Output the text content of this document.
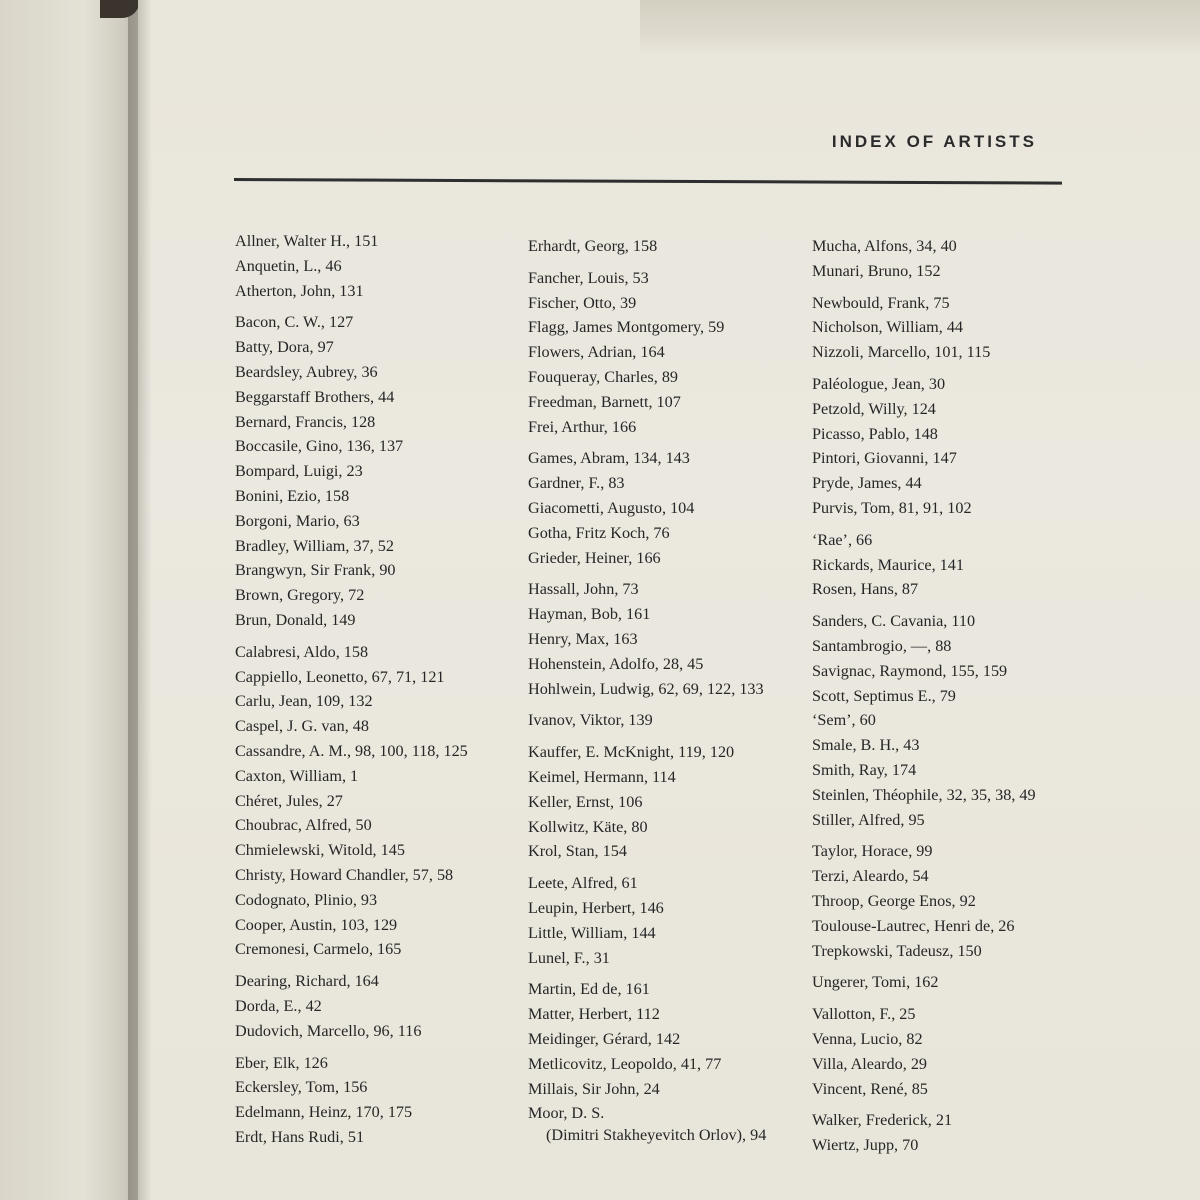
INDEX OF ARTISTS
Allner, Walter H., 151
Anquetin, L., 46
Atherton, John, 131
Bacon, C. W., 127
Batty, Dora, 97
Beardsley, Aubrey, 36
Beggarstaff Brothers, 44
Bernard, Francis, 128
Boccasile, Gino, 136, 137
Bompard, Luigi, 23
Bonini, Ezio, 158
Borgoni, Mario, 63
Bradley, William, 37, 52
Brangwyn, Sir Frank, 90
Brown, Gregory, 72
Brun, Donald, 149
Calabresi, Aldo, 158
Cappiello, Leonetto, 67, 71, 121
Carlu, Jean, 109, 132
Caspel, J. G. van, 48
Cassandre, A. M., 98, 100, 118, 125
Caxton, William, 1
Chéret, Jules, 27
Choubrac, Alfred, 50
Chmielewski, Witold, 145
Christy, Howard Chandler, 57, 58
Codognato, Plinio, 93
Cooper, Austin, 103, 129
Cremonesi, Carmelo, 165
Dearing, Richard, 164
Dorda, E., 42
Dudovich, Marcello, 96, 116
Eber, Elk, 126
Eckersley, Tom, 156
Edelmann, Heinz, 170, 175
Erdt, Hans Rudi, 51
Erhardt, Georg, 158
Fancher, Louis, 53
Fischer, Otto, 39
Flagg, James Montgomery, 59
Flowers, Adrian, 164
Fouqueray, Charles, 89
Freedman, Barnett, 107
Frei, Arthur, 166
Games, Abram, 134, 143
Gardner, F., 83
Giacometti, Augusto, 104
Gotha, Fritz Koch, 76
Grieder, Heiner, 166
Hassall, John, 73
Hayman, Bob, 161
Henry, Max, 163
Hohenstein, Adolfo, 28, 45
Hohlwein, Ludwig, 62, 69, 122, 133
Ivanov, Viktor, 139
Kauffer, E. McKnight, 119, 120
Keimel, Hermann, 114
Keller, Ernst, 106
Kollwitz, Käte, 80
Krol, Stan, 154
Leete, Alfred, 61
Leupin, Herbert, 146
Little, William, 144
Lunel, F., 31
Martin, Ed de, 161
Matter, Herbert, 112
Meidinger, Gérard, 142
Metlicovitz, Leopoldo, 41, 77
Millais, Sir John, 24
Moor, D. S.
(Dimitri Stakheyevitch Orlov), 94
Mucha, Alfons, 34, 40
Munari, Bruno, 152
Newbould, Frank, 75
Nicholson, William, 44
Nizzoli, Marcello, 101, 115
Paléologue, Jean, 30
Petzold, Willy, 124
Picasso, Pablo, 148
Pintori, Giovanni, 147
Pryde, James, 44
Purvis, Tom, 81, 91, 102
‘Rae’, 66
Rickards, Maurice, 141
Rosen, Hans, 87
Sanders, C. Cavania, 110
Santambrogio, —, 88
Savignac, Raymond, 155, 159
Scott, Septimus E., 79
‘Sem’, 60
Smale, B. H., 43
Smith, Ray, 174
Steinlen, Théophile, 32, 35, 38, 49
Stiller, Alfred, 95
Taylor, Horace, 99
Terzi, Aleardo, 54
Throop, George Enos, 92
Toulouse-Lautrec, Henri de, 26
Trepkowski, Tadeusz, 150
Ungerer, Tomi, 162
Vallotton, F., 25
Venna, Lucio, 82
Villa, Aleardo, 29
Vincent, René, 85
Walker, Frederick, 21
Wiertz, Jupp, 70
